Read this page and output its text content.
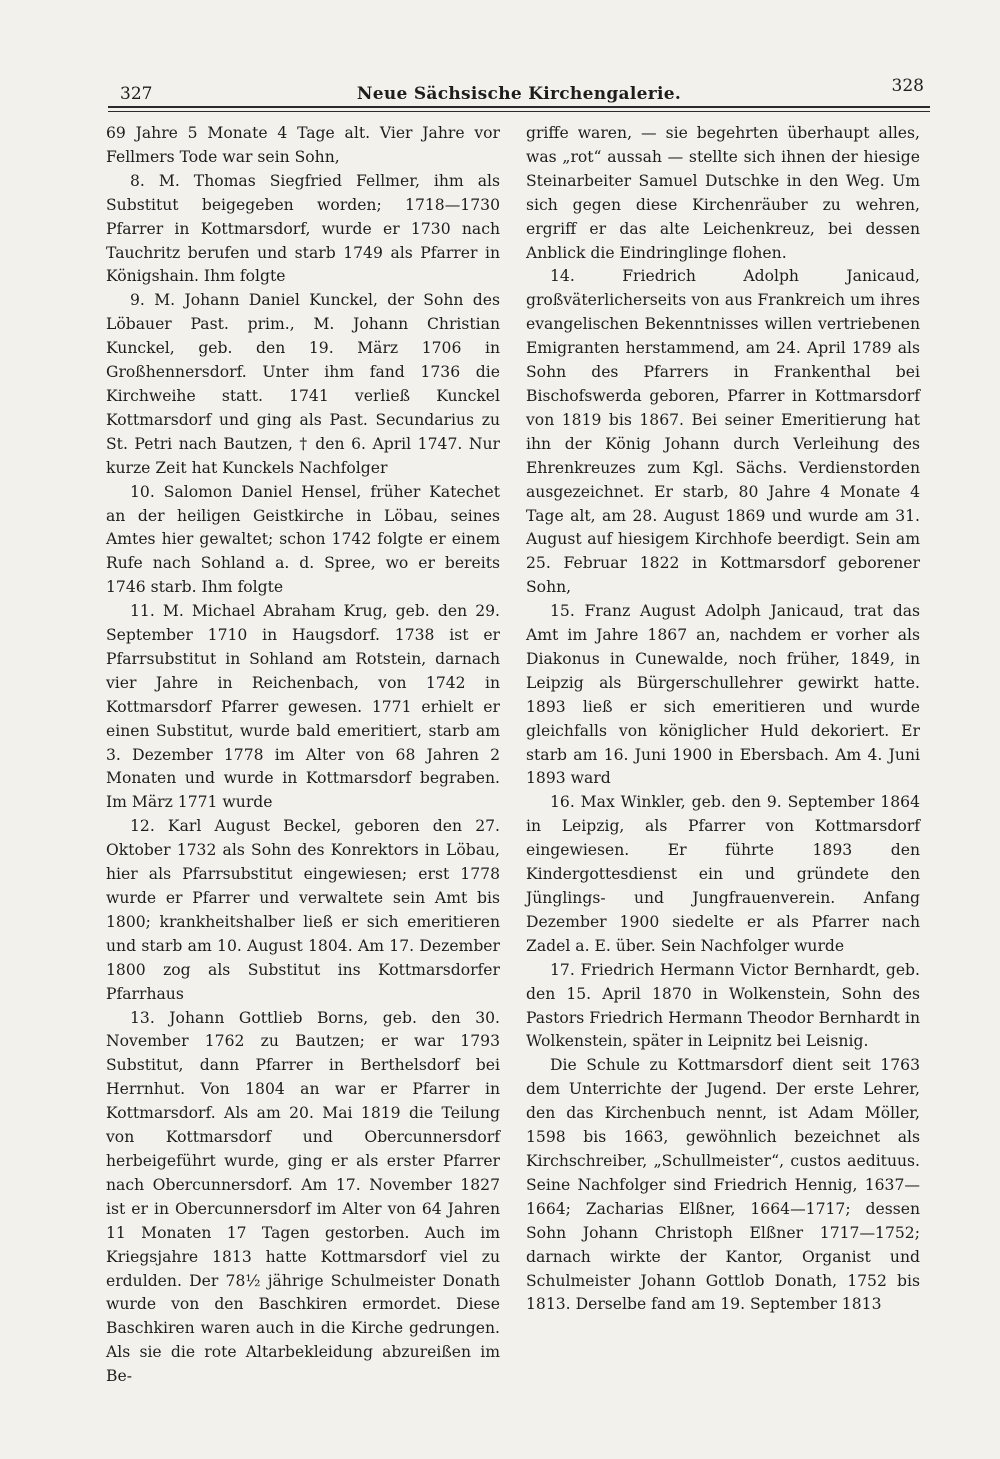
327	Neue Sächsische Kirchengalerie.	328

69 Jahre 5 Monate 4 Tage alt. Vier Jahre vor Fellmers Tode war sein Sohn,

8. M. Thomas Siegfried Fellmer, ihm als Substitut beigegeben worden; 1718—1730 Pfarrer in Kottmarsdorf, wurde er 1730 nach Tauchritz berufen und starb 1749 als Pfarrer in Königshain. Ihm folgte

9. M. Johann Daniel Kunckel, der Sohn des Löbauer Past. prim., M. Johann Christian Kunckel, geb. den 19. März 1706 in Großhennersdorf. Unter ihm fand 1736 die Kirchweihe statt. 1741 verließ Kunckel Kottmarsdorf und ging als Past. Secundarius zu St. Petri nach Bautzen, † den 6. April 1747. Nur kurze Zeit hat Kunckels Nachfolger

10. Salomon Daniel Hensel, früher Katechet an der heiligen Geistkirche in Löbau, seines Amtes hier gewaltet; schon 1742 folgte er einem Rufe nach Sohland a. d. Spree, wo er bereits 1746 starb. Ihm folgte

11. M. Michael Abraham Krug, geb. den 29. September 1710 in Haugsdorf. 1738 ist er Pfarrsubstitut in Sohland am Rotstein, darnach vier Jahre in Reichenbach, von 1742 in Kottmarsdorf Pfarrer gewesen. 1771 erhielt er einen Substitut, wurde bald emeritiert, starb am 3. Dezember 1778 im Alter von 68 Jahren 2 Monaten und wurde in Kottmarsdorf begraben. Im März 1771 wurde

12. Karl August Beckel, geboren den 27. Oktober 1732 als Sohn des Konrektors in Löbau, hier als Pfarrsubstitut eingewiesen; erst 1778 wurde er Pfarrer und verwaltete sein Amt bis 1800; krankheitshalber ließ er sich emeritieren und starb am 10. August 1804. Am 17. Dezember 1800 zog als Substitut ins Kottmarsdorfer Pfarrhaus

13. Johann Gottlieb Borns, geb. den 30. November 1762 zu Bautzen; er war 1793 Substitut, dann Pfarrer in Berthelsdorf bei Herrnhut. Von 1804 an war er Pfarrer in Kottmarsdorf. Als am 20. Mai 1819 die Teilung von Kottmarsdorf und Obercunnersdorf herbeigeführt wurde, ging er als erster Pfarrer nach Obercunnersdorf. Am 17. November 1827 ist er in Obercunnersdorf im Alter von 64 Jahren 11 Monaten 17 Tagen gestorben. Auch im Kriegsjahre 1813 hatte Kottmarsdorf viel zu erdulden. Der 78½ jährige Schulmeister Donath wurde von den Baschkiren ermordet. Diese Baschkiren waren auch in die Kirche gedrungen. Als sie die rote Altarbekleidung abzureißen im Be-

griffe waren, — sie begehrten überhaupt alles, was „rot“ aussah — stellte sich ihnen der hiesige Steinarbeiter Samuel Dutschke in den Weg. Um sich gegen diese Kirchenräuber zu wehren, ergriff er das alte Leichenkreuz, bei dessen Anblick die Eindringlinge flohen.

14. Friedrich Adolph Janicaud, großväterlicherseits von aus Frankreich um ihres evangelischen Bekenntnisses willen vertriebenen Emigranten herstammend, am 24. April 1789 als Sohn des Pfarrers in Frankenthal bei Bischofswerda geboren, Pfarrer in Kottmarsdorf von 1819 bis 1867. Bei seiner Emeritierung hat ihn der König Johann durch Verleihung des Ehrenkreuzes zum Kgl. Sächs. Verdienstorden ausgezeichnet. Er starb, 80 Jahre 4 Monate 4 Tage alt, am 28. August 1869 und wurde am 31. August auf hiesigem Kirchhofe beerdigt. Sein am 25. Februar 1822 in Kottmarsdorf geborener Sohn,

15. Franz August Adolph Janicaud, trat das Amt im Jahre 1867 an, nachdem er vorher als Diakonus in Cunewalde, noch früher, 1849, in Leipzig als Bürgerschullehrer gewirkt hatte. 1893 ließ er sich emeritieren und wurde gleichfalls von königlicher Huld dekoriert. Er starb am 16. Juni 1900 in Ebersbach. Am 4. Juni 1893 ward

16. Max Winkler, geb. den 9. September 1864 in Leipzig, als Pfarrer von Kottmarsdorf eingewiesen. Er führte 1893 den Kindergottesdienst ein und gründete den Jünglings- und Jungfrauenverein. Anfang Dezember 1900 siedelte er als Pfarrer nach Zadel a. E. über. Sein Nachfolger wurde

17. Friedrich Hermann Victor Bernhardt, geb. den 15. April 1870 in Wolkenstein, Sohn des Pastors Friedrich Hermann Theodor Bernhardt in Wolkenstein, später in Leipnitz bei Leisnig.

Die Schule zu Kottmarsdorf dient seit 1763 dem Unterrichte der Jugend. Der erste Lehrer, den das Kirchenbuch nennt, ist Adam Möller, 1598 bis 1663, gewöhnlich bezeichnet als Kirchschreiber, „Schullmeister“, custos aedituus. Seine Nachfolger sind Friedrich Hennig, 1637—1664; Zacharias Elßner, 1664—1717; dessen Sohn Johann Christoph Elßner 1717—1752; darnach wirkte der Kantor, Organist und Schulmeister Johann Gottlob Donath, 1752 bis 1813. Derselbe fand am 19. September 1813
